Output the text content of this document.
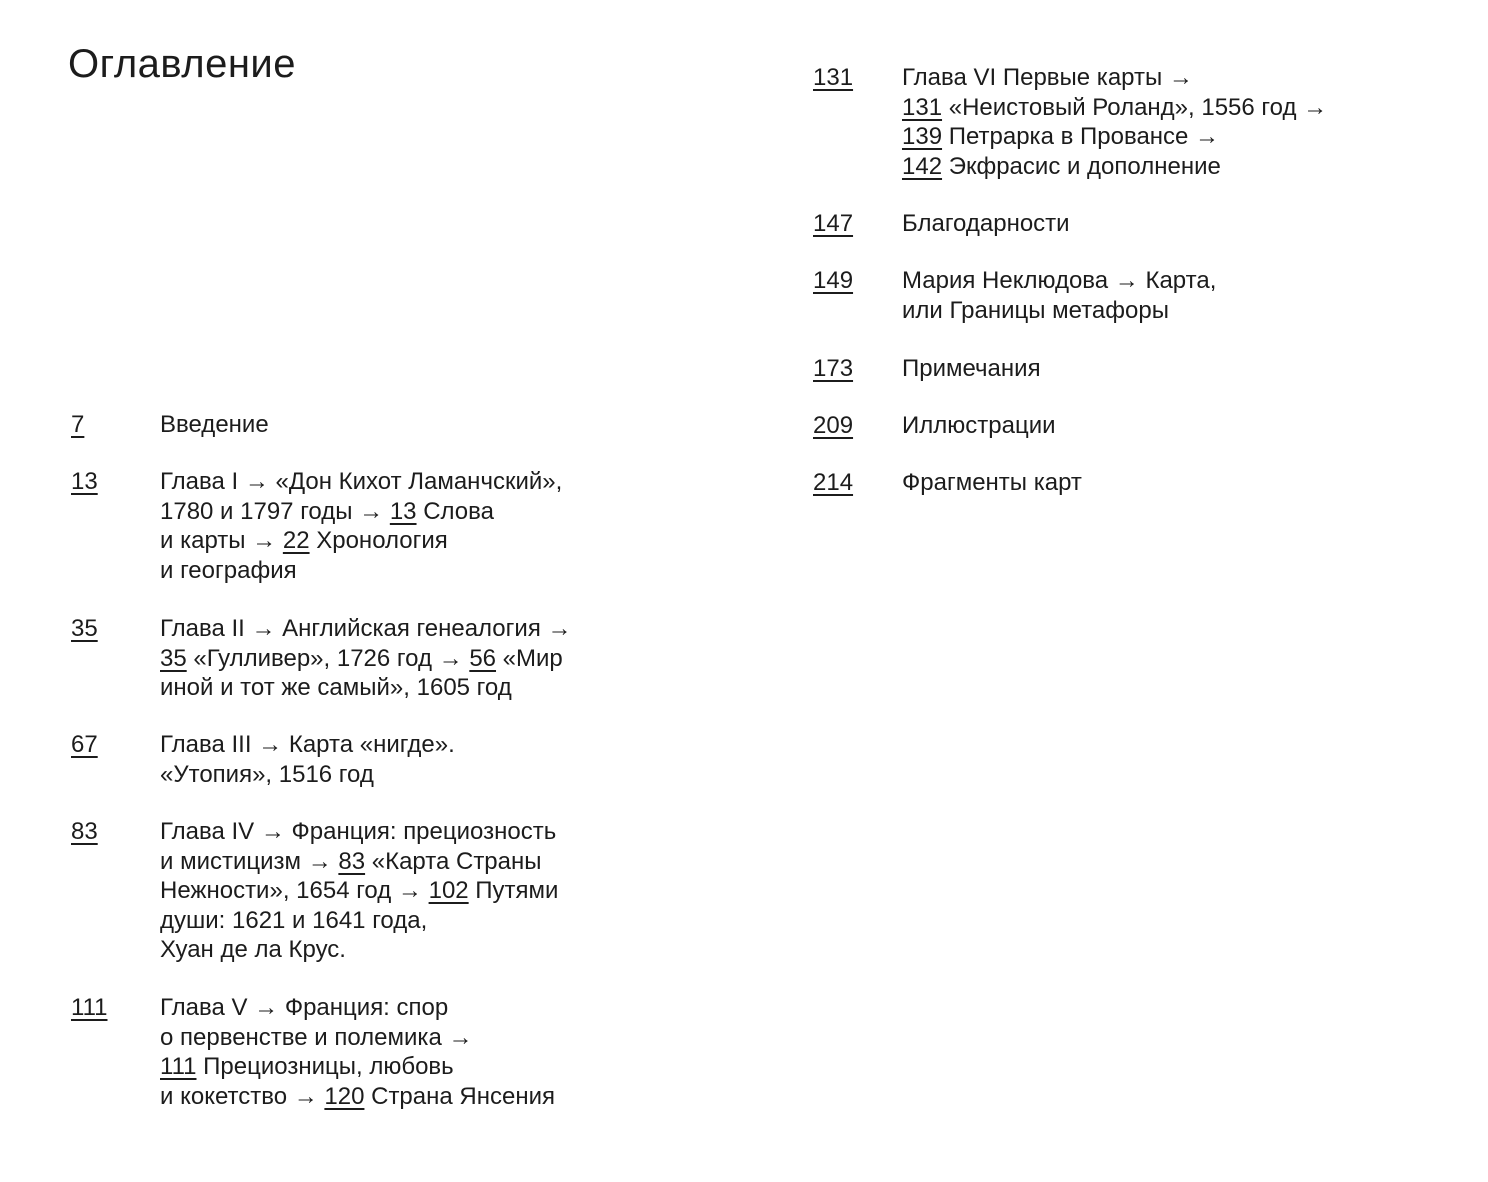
Оглавление
7	Введение
13	Глава I → «Дон Кихот Ламанчский»,
1780 и 1797 годы → 13 Слова
и карты → 22 Хронология
и география
35	Глава II → Английская генеалогия →
35 «Гулливер», 1726 год → 56 «Мир
иной и тот же самый», 1605 год
67	Глава III → Карта «нигде».
«Утопия», 1516 год
83	Глава IV → Франция: прециозность
и мистицизм → 83 «Карта Страны
Нежности», 1654 год → 102 Путями
души: 1621 и 1641 года,
Хуан де ла Крус.
111	Глава V → Франция: спор
о первенстве и полемика →
111 Прециозницы, любовь
и кокетство → 120 Страна Янсения
131	Глава VI Первые карты →
131 «Неистовый Роланд», 1556 год →
139 Петрарка в Провансе →
142 Экфрасис и дополнение
147	Благодарности
149	Мария Неклюдова → Карта,
или Границы метафоры
173	Примечания
209	Иллюстрации
214	Фрагменты карт
